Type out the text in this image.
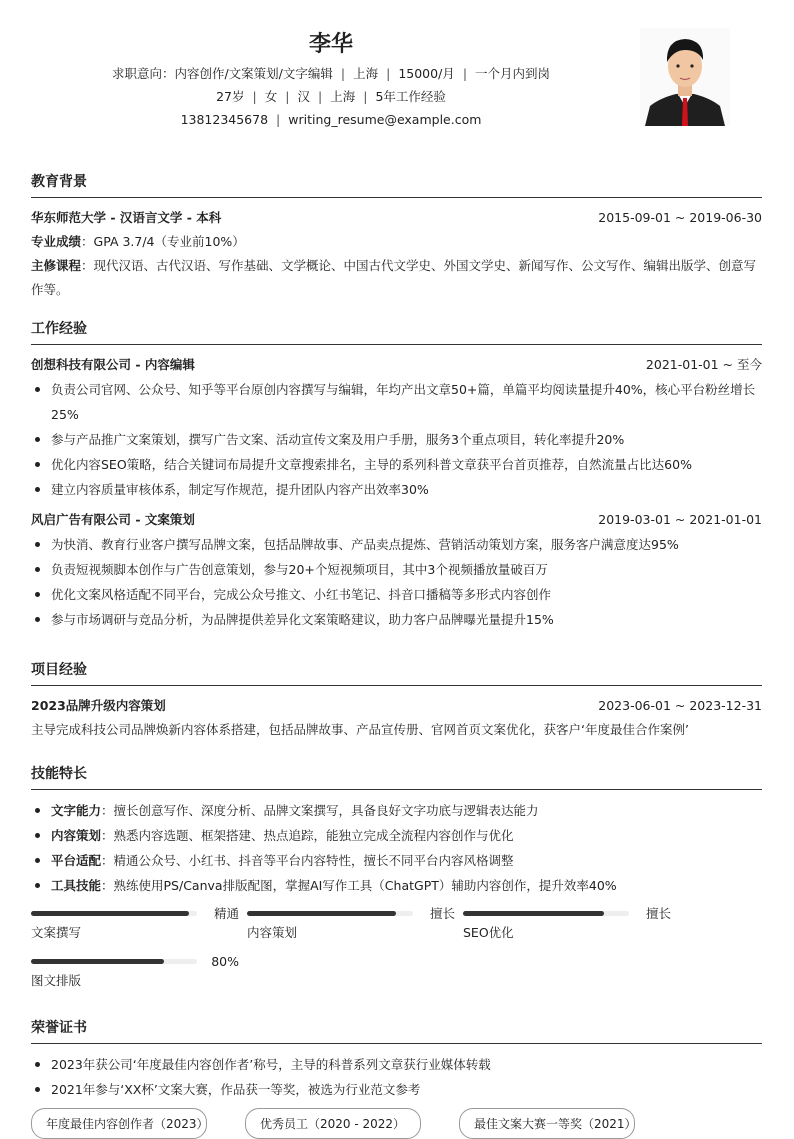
李华
求职意向：内容创作/文案策划/文字编辑 | 上海 | 15000/月 | 一个月内到岗
27岁 | 女 | 汉 | 上海 | 5年工作经验
13812345678 | writing_resume@example.com
教育背景
华东师范大学 - 汉语言文学 - 本科	2015-09-01 ~ 2019-06-30
专业成绩：GPA 3.7/4（专业前10%）
主修课程：现代汉语、古代汉语、写作基础、文学概论、中国古代文学史、外国文学史、新闻写作、公文写作、编辑出版学、创意写作等。
工作经验
创想科技有限公司 - 内容编辑	2021-01-01 ~ 至今
负责公司官网、公众号、知乎等平台原创内容撰写与编辑，年均产出文章50+篇，单篇平均阅读量提升40%，核心平台粉丝增长25%
参与产品推广文案策划，撰写广告文案、活动宣传文案及用户手册，服务3个重点项目，转化率提升20%
优化内容SEO策略，结合关键词布局提升文章搜索排名，主导的系列科普文章获平台首页推荐，自然流量占比达60%
建立内容质量审核体系，制定写作规范，提升团队内容产出效率30%
风启广告有限公司 - 文案策划	2019-03-01 ~ 2021-01-01
为快消、教育行业客户撰写品牌文案，包括品牌故事、产品卖点提炼、营销活动策划方案，服务客户满意度达95%
负责短视频脚本创作与广告创意策划，参与20+个短视频项目，其中3个视频播放量破百万
优化文案风格适配不同平台，完成公众号推文、小红书笔记、抖音口播稿等多形式内容创作
参与市场调研与竞品分析，为品牌提供差异化文案策略建议，助力客户品牌曝光量提升15%
项目经验
2023品牌升级内容策划	2023-06-01 ~ 2023-12-31
主导完成科技公司品牌焕新内容体系搭建，包括品牌故事、产品宣传册、官网首页文案优化，获客户‘年度最佳合作案例’
技能特长
文字能力：擅长创意写作、深度分析、品牌文案撰写，具备良好文字功底与逻辑表达能力
内容策划：熟悉内容选题、框架搭建、热点追踪，能独立完成全流程内容创作与优化
平台适配：精通公众号、小红书、抖音等平台内容特性，擅长不同平台内容风格调整
工具技能：熟练使用PS/Canva排版配图，掌握AI写作工具（ChatGPT）辅助内容创作，提升效率40%
精通
文案撰写
擅长
内容策划
擅长
SEO优化
80%
图文排版
荣誉证书
2023年获公司‘年度最佳内容创作者’称号，主导的科普系列文章获行业媒体转载
2021年参与‘XX杯’文案大赛，作品获一等奖，被选为行业范文参考
年度最佳内容创作者（2023）	优秀员工（2020 - 2022）	最佳文案大赛一等奖（2021）
